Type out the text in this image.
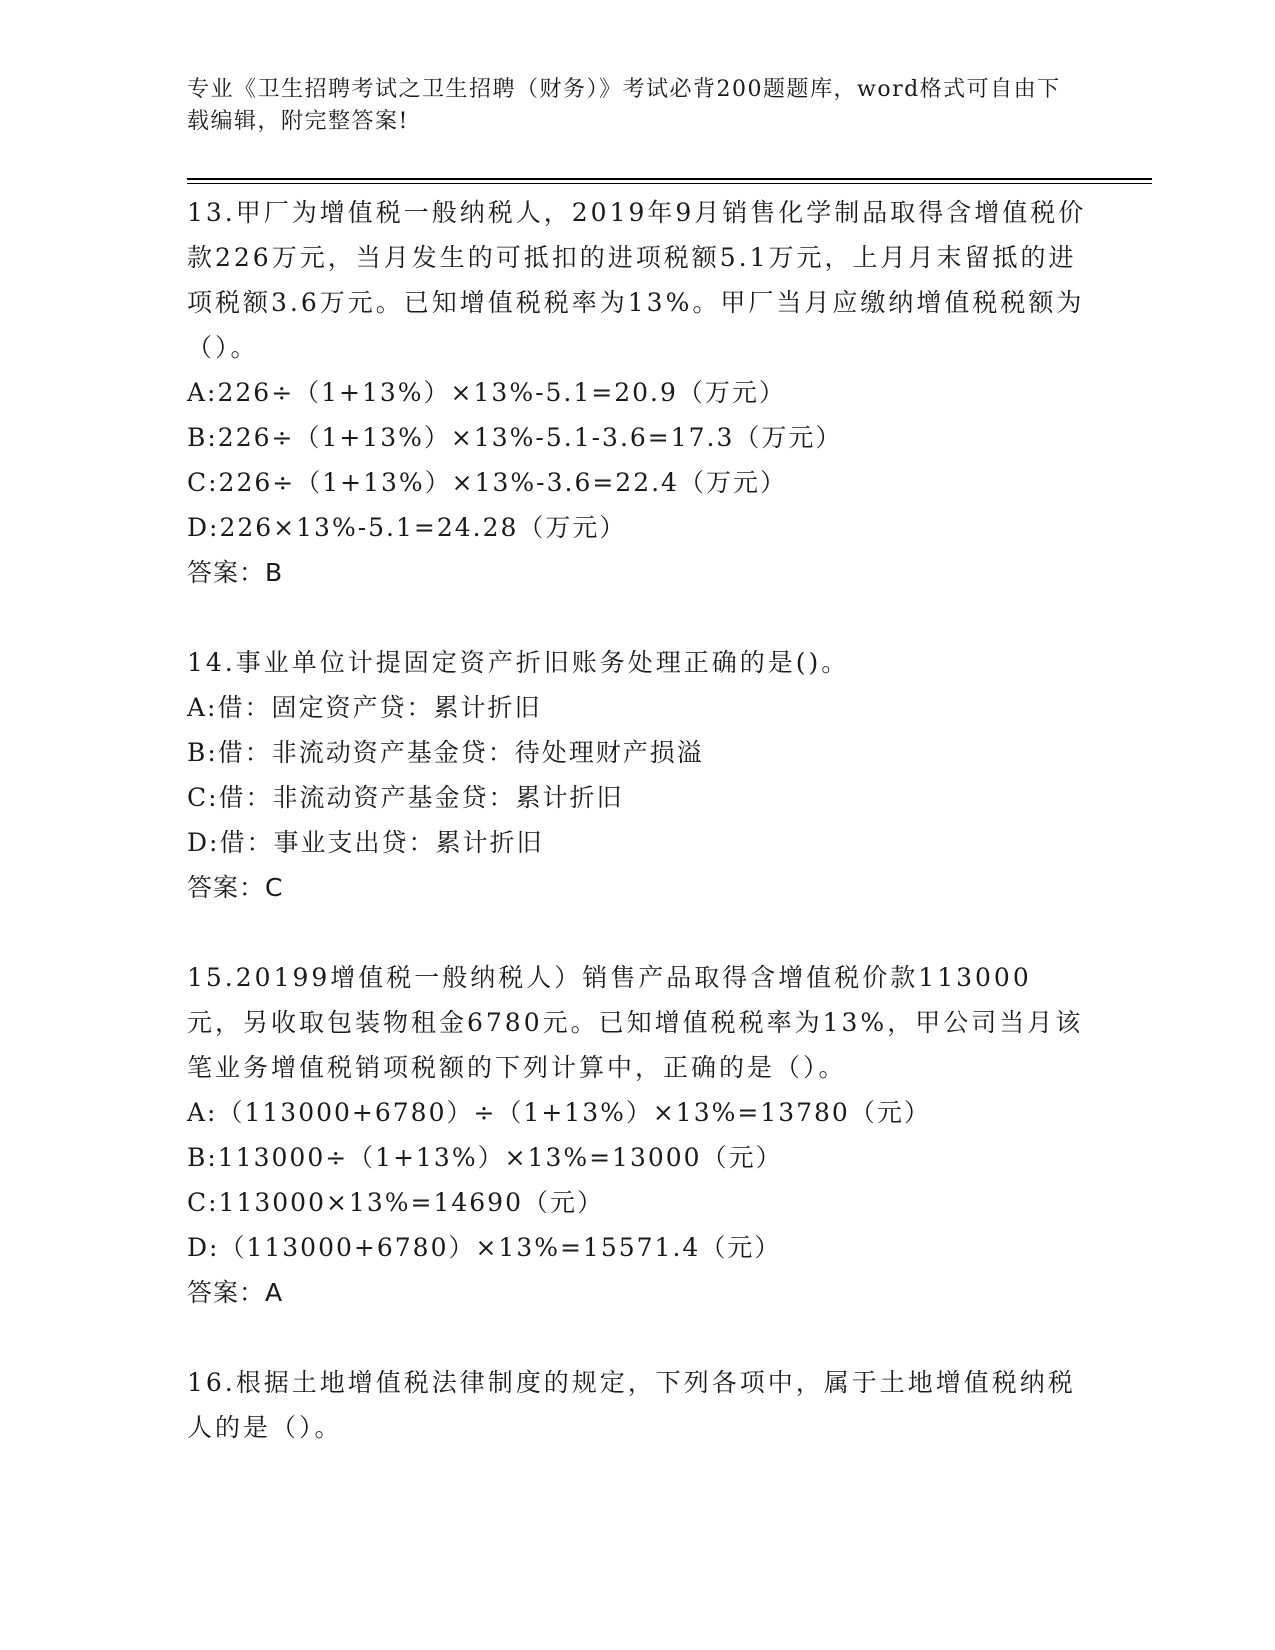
专业《卫生招聘考试之卫生招聘（财务）》考试必背200题题库，word格式可自由下载编辑，附完整答案!

13.甲厂为增值税一般纳税人，2019年9月销售化学制品取得含增值税价款226万元，当月发生的可抵扣的进项税额5.1万元，上月月末留抵的进项税额3.6万元。已知增值税税率为13%。甲厂当月应缴纳增值税税额为（）。

A:226÷（1+13%）×13%-5.1=20.9（万元）

B:226÷（1+13%）×13%-5.1-3.6=17.3（万元）

C:226÷（1+13%）×13%-3.6=22.4（万元）

D:226×13%-5.1=24.28（万元）

答案：B

14.事业单位计提固定资产折旧账务处理正确的是()。

A:借：固定资产贷：累计折旧

B:借：非流动资产基金贷：待处理财产损溢

C:借：非流动资产基金贷：累计折旧

D:借：事业支出贷：累计折旧

答案：C

15.20199增值税一般纳税人）销售产品取得含增值税价款113000元，另收取包装物租金6780元。已知增值税税率为13%，甲公司当月该笔业务增值税销项税额的下列计算中，正确的是（）。

A:（113000+6780）÷（1+13%）×13%=13780（元）

B:113000÷（1+13%）×13%=13000（元）

C:113000×13%=14690（元）

D:（113000+6780）×13%=15571.4（元）

答案：A

16.根据土地增值税法律制度的规定，下列各项中，属于土地增值税纳税人的是（）。
